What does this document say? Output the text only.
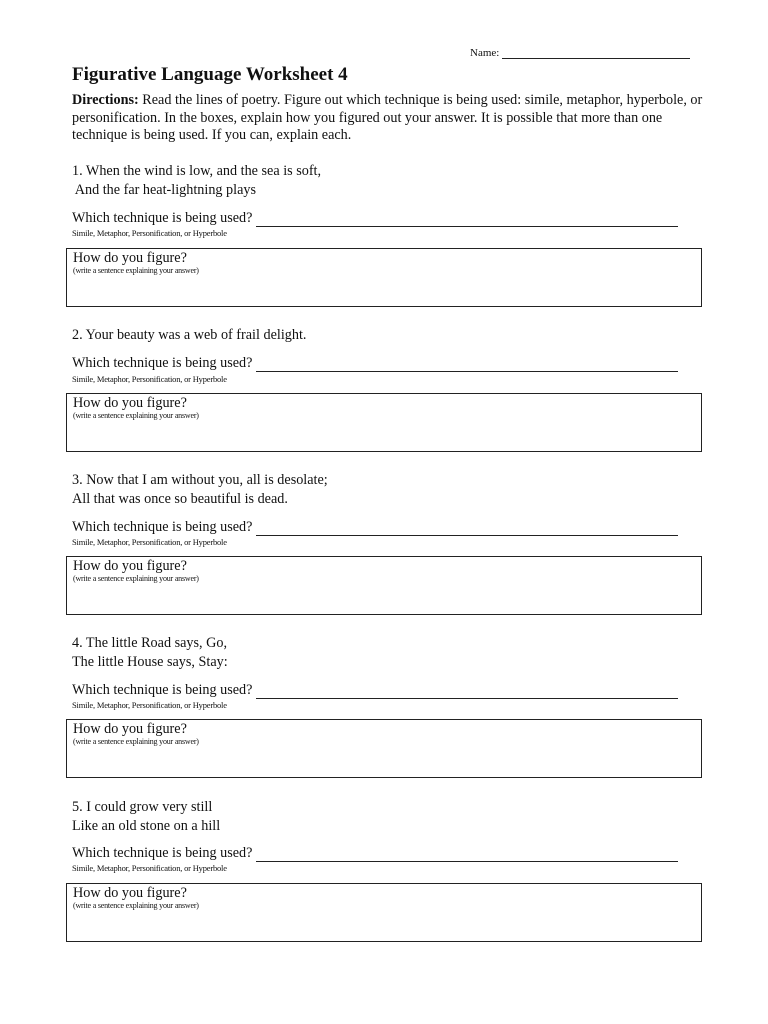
Name:
Figurative Language Worksheet 4
Directions: Read the lines of poetry. Figure out which technique is being used: simile, metaphor, hyperbole, or personification. In the boxes, explain how you figured out your answer. It is possible that more than one technique is being used. If you can, explain each.
1. When the wind is low, and the sea is soft,
And the far heat-lightning plays
Which technique is being used?
Simile, Metaphor, Personification, or Hyperbole
How do you figure?
(write a sentence explaining your answer)
2. Your beauty was a web of frail delight.
Which technique is being used?
Simile, Metaphor, Personification, or Hyperbole
How do you figure?
(write a sentence explaining your answer)
3. Now that I am without you, all is desolate;
All that was once so beautiful is dead.
Which technique is being used?
Simile, Metaphor, Personification, or Hyperbole
How do you figure?
(write a sentence explaining your answer)
4. The little Road says, Go,
The little House says, Stay:
Which technique is being used?
Simile, Metaphor, Personification, or Hyperbole
How do you figure?
(write a sentence explaining your answer)
5. I could grow very still
Like an old stone on a hill
Which technique is being used?
Simile, Metaphor, Personification, or Hyperbole
How do you figure?
(write a sentence explaining your answer)
